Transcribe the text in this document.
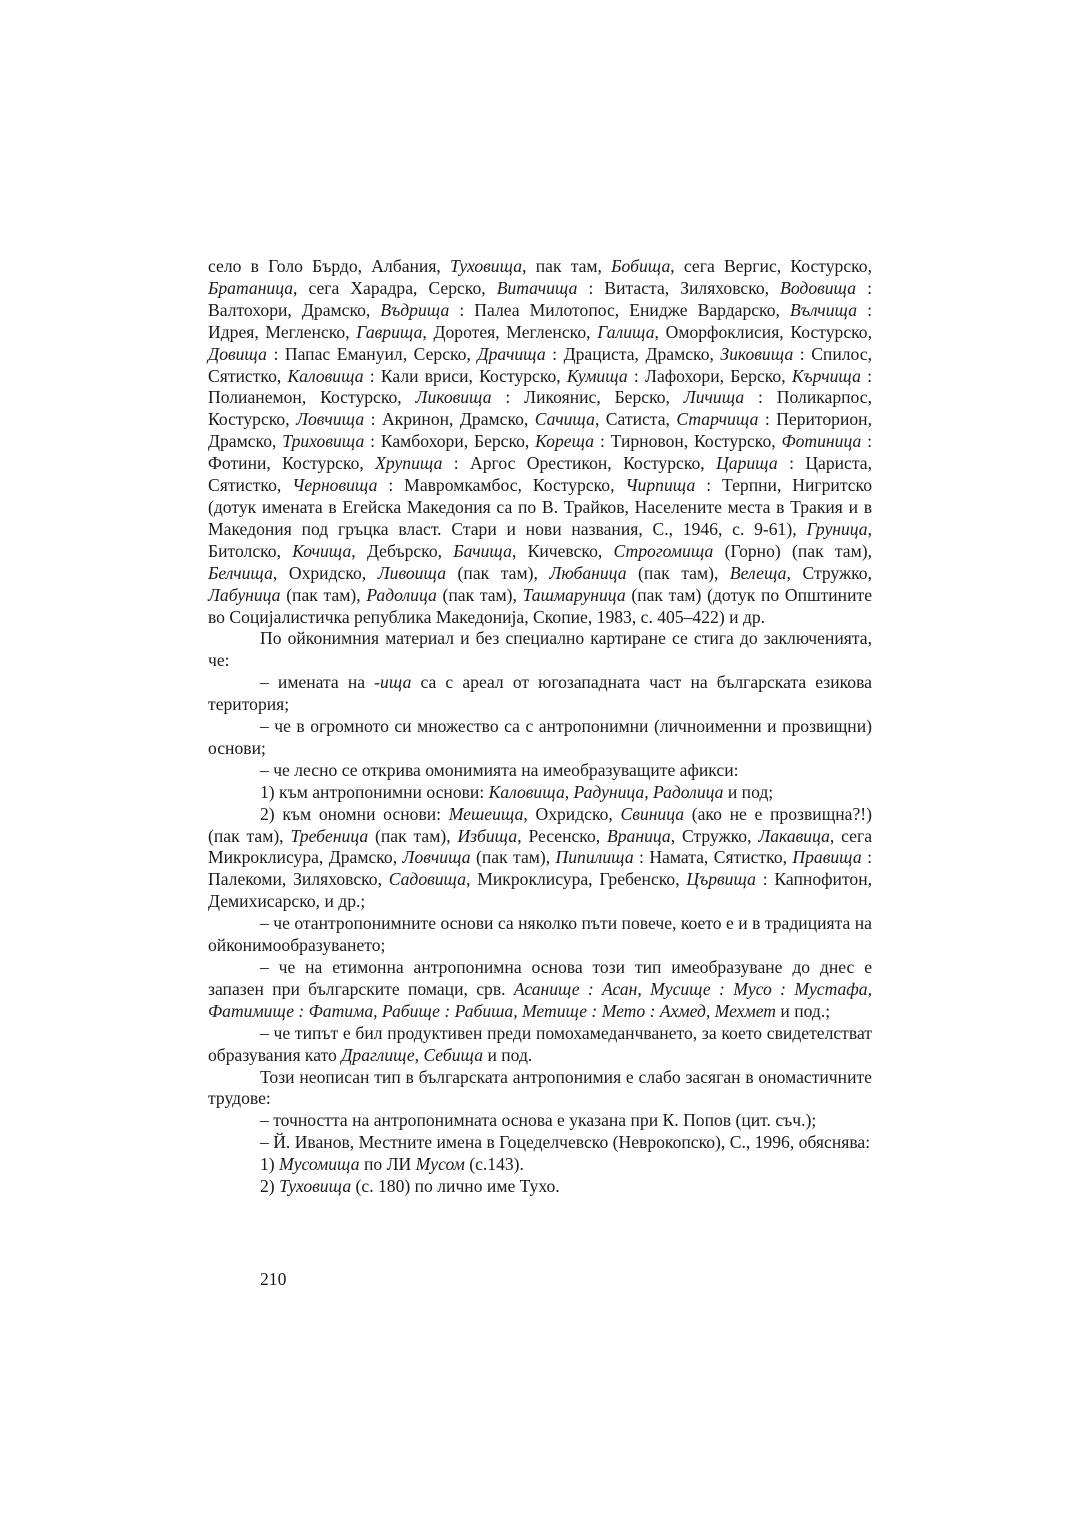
село в Голо Бърдо, Албания, Туховища, пак там, Бобища, сега Вергис, Костурско, Братаница, сега Харадра, Серско, Витачища : Витаста, Зиляховско, Водовища : Валтохори, Драмско, Въдрища : Палеа Милотопос, Енидже Вардарско, Вълчища : Идрея, Мегленско, Гаврища, Доротея, Мегленско, Галища, Оморфоклисия, Костурско, Довища : Папас Емануил, Серско, Драчища : Драциста, Драмско, Зиковища : Спилос, Сятистко, Каловища : Кали вриси, Костурско, Кумища : Лафохори, Берско, Кърчища : Полианемон, Костурско, Ликовища : Ликоянис, Берско, Личища : Поликарпос, Костурско, Ловчища : Акринон, Драмско, Сачища, Сатиста, Старчища : Периторион, Драмско, Триховища : Камбохори, Берско, Кореща : Тирновон, Костурско, Фотиница : Фотини, Костурско, Хрупища : Аргос Орестикон, Костурско, Царища : Цариста, Сятистко, Черновища : Мавромкамбос, Костурско, Чирпища : Терпни, Нигритско (дотук имената в Егейска Македония са по В. Трайков, Населените места в Тракия и в Македония под гръцка власт. Стари и нови названия, С., 1946, с. 9-61), Груница, Битолско, Кочища, Дебърско, Бачища, Кичевско, Строгомища (Горно) (пак там), Белчища, Охридско, Ливоища (пак там), Любаница (пак там), Велеща, Стружко, Лабуница (пак там), Радолица (пак там), Ташмаруница (пак там) (дотук по Општините во Социјалистичка република Македонија, Скопие, 1983, с. 405–422) и др.

По ойконимния материал и без специално картиране се стига до заключенията, че:

– имената на -ища са с ареал от югозападната част на българската езикова територия;

– че в огромното си множество са с антропонимни (личноименни и прозвищни) основи;

– че лесно се открива омонимията на имеобразуващите афикси:

1) към антропонимни основи: Каловища, Радуница, Радолица и под;

2) към ономни основи: Мешеища, Охридско, Свиница (ако не е прозвищна?!) (пак там), Требеница (пак там), Избища, Ресенско, Враница, Стружко, Лакавица, сега Микроклисура, Драмско, Ловчища (пак там), Пипилища : Намата, Сятистко, Правища : Палекоми, Зиляховско, Садовища, Микроклисура, Гребенско, Цървища : Капнофитон, Демихисарско, и др.;

– че отантропонимните основи са няколко пъти повече, което е и в традицията на ойконимообразуването;

– че на етимонна антропонимна основа този тип имеобразуване до днес е запазен при българските помаци, срв. Асанище : Асан, Мусище : Мусо : Мустафа, Фатимище : Фатима, Рабище : Рабиша, Метище : Мето : Ахмед, Мехмет и под.;

– че типът е бил продуктивен преди помохамеданчването, за което свидетелстват образувания като Драглище, Себища и под.

Този неописан тип в българската антропонимия е слабо засяган в ономастичните трудове:

– точността на антропонимната основа е указана при К. Попов (цит. съч.);

– Й. Иванов, Местните имена в Гоцеделчевско (Неврокопско), С., 1996, обяснява:

1) Мусомища по ЛИ Мусом (с.143).

2) Туховища (с. 180) по лично име Тухо.

210
